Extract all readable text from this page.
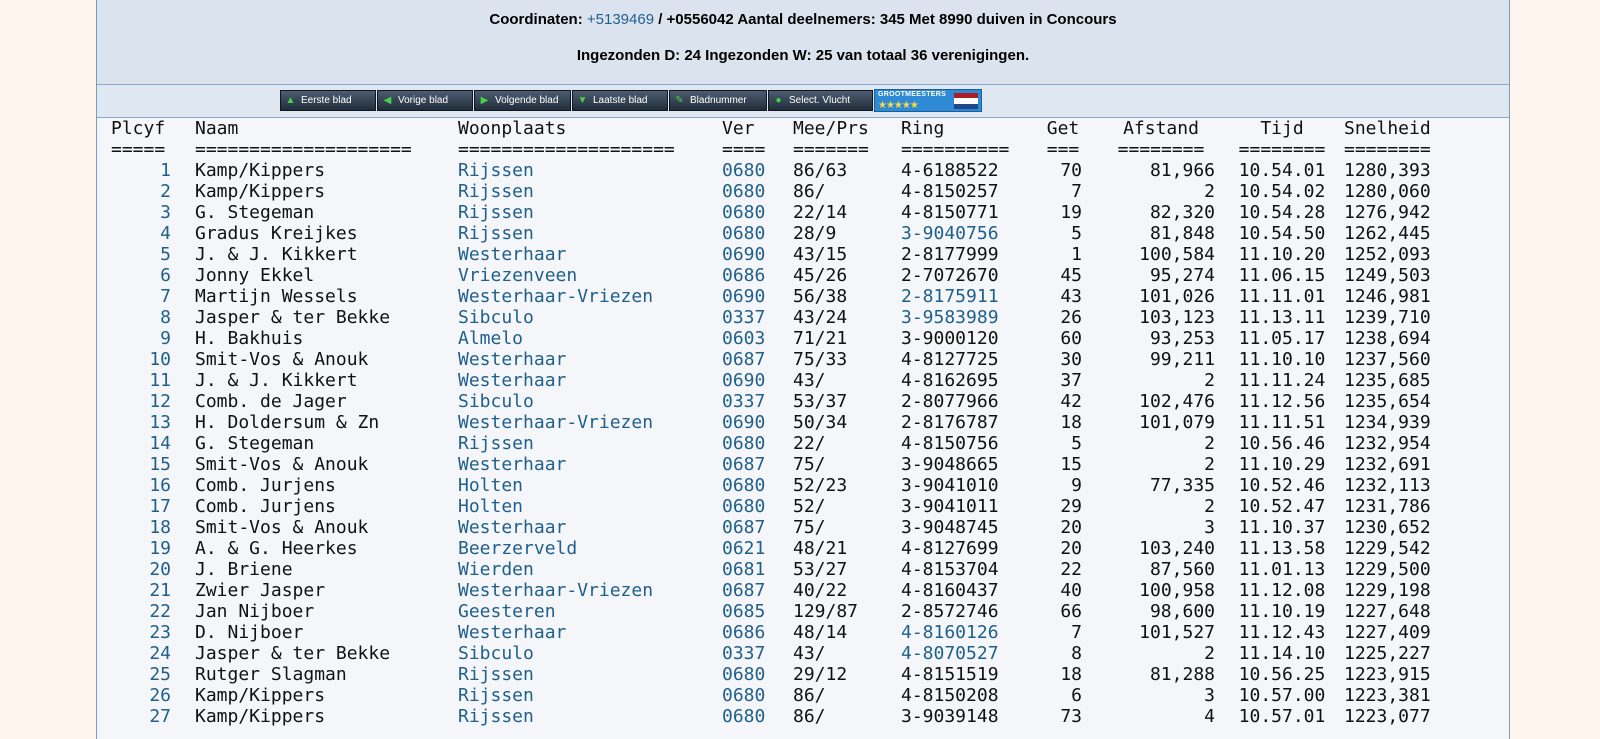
Coordinaten: +5139469 / +0556042 Aantal deelnemers: 345 Met 8990 duiven in Concours
Ingezonden D: 24 Ingezonden W: 25 van totaal 36 verenigingen.
▲ Eerste blad	◀ Vorige blad	▶ Volgende blad ▼ Laatste blad	✎ Bladnummer	● Select. Vlucht
GROOTMEESTERS
★★★★★
Plcyf	Naam	Woonplaats	Ver Mee/Prs Ring	Get	Afstand	Tijd	Snelheid
=====	====================	====================	==== ======= ========== ===	========	========	========
1 Kamp/Kippers	Rijssen	0680 86/63	4-6188522	70	81,966	10.54.01	1280,393
2 Kamp/Kippers	Rijssen	0680 86/	4-8150257	7	2	10.54.02	1280,060
3 G. Stegeman	Rijssen	0680 22/14	4-8150771	19	82,320	10.54.28	1276,942
4 Gradus Kreijkes	Rijssen	0680 28/9	3-9040756	5	81,848	10.54.50	1262,445
5 J. & J. Kikkert	Westerhaar	0690 43/15	2-8177999	1	100,584	11.10.20	1252,093
6 Jonny Ekkel	Vriezenveen	0686 45/26	2-7072670	45	95,274	11.06.15	1249,503
7 Martijn Wessels	Westerhaar-Vriezen	0690 56/38	2-8175911	43	101,026	11.11.01	1246,981
8 Jasper & ter Bekke	Sibculo	0337 43/24	3-9583989	26	103,123	11.13.11	1239,710
9 H. Bakhuis	Almelo	0603 71/21	3-9000120	60	93,253	11.05.17	1238,694
10 Smit-Vos & Anouk	Westerhaar	0687 75/33	4-8127725	30	99,211	11.10.10	1237,560
11 J. & J. Kikkert	Westerhaar	0690 43/	4-8162695	37	2	11.11.24	1235,685
12 Comb. de Jager	Sibculo	0337 53/37	2-8077966	42	102,476	11.12.56	1235,654
13 H. Doldersum & Zn	Westerhaar-Vriezen	0690 50/34	2-8176787	18	101,079	11.11.51	1234,939
14 G. Stegeman	Rijssen	0680 22/	4-8150756	5	2	10.56.46	1232,954
15 Smit-Vos & Anouk	Westerhaar	0687 75/	3-9048665	15	2	11.10.29	1232,691
16 Comb. Jurjens	Holten	0680 52/23	3-9041010	9	77,335	10.52.46	1232,113
17 Comb. Jurjens	Holten	0680 52/	3-9041011	29	2	10.52.47	1231,786
18 Smit-Vos & Anouk	Westerhaar	0687 75/	3-9048745	20	3	11.10.37	1230,652
19 A. & G. Heerkes	Beerzerveld	0621 48/21	4-8127699	20	103,240	11.13.58	1229,542
20 J. Briene	Wierden	0681 53/27	4-8153704	22	87,560	11.01.13	1229,500
21 Zwier Jasper	Westerhaar-Vriezen	0687 40/22	4-8160437	40	100,958	11.12.08	1229,198
22 Jan Nijboer	Geesteren	0685 129/87 2-8572746	66	98,600	11.10.19	1227,648
23 D. Nijboer	Westerhaar	0686 48/14	4-8160126	7	101,527	11.12.43	1227,409
24 Jasper & ter Bekke	Sibculo	0337 43/	4-8070527	8	2	11.14.10	1225,227
25 Rutger Slagman	Rijssen	0680 29/12	4-8151519	18	81,288	10.56.25	1223,915
26 Kamp/Kippers	Rijssen	0680 86/	4-8150208	6	3	10.57.00	1223,381
27 Kamp/Kippers	Rijssen	0680 86/	3-9039148	73	4	10.57.01	1223,077
